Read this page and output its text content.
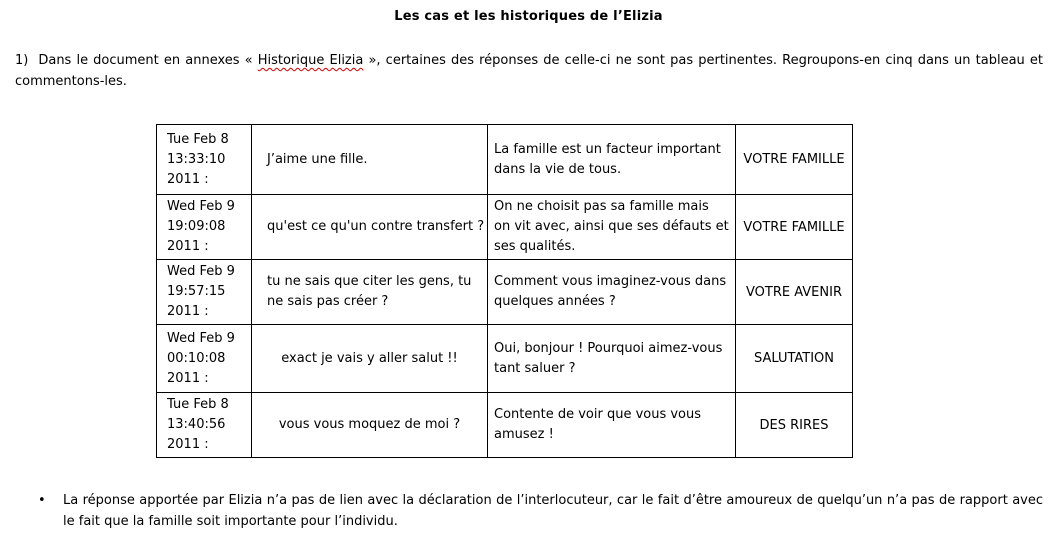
Les cas et les historiques de l’Elizia
1) Dans le document en annexes « Historique Elizia », certaines des réponses de celle-ci ne sont pas pertinentes. Regroupons-en cinq dans un tableau et commentons-les.
Tue Feb 8
13:33:10
2011 :	J’aime une fille.	La famille est un facteur important dans la vie de tous.	VOTRE FAMILLE

Wed Feb 9
19:09:08
2011 :	qu'est ce qu'un contre transfert ?	On ne choisit pas sa famille mais on vit avec, ainsi que ses défauts et ses qualités.	VOTRE FAMILLE

Wed Feb 9
19:57:15
2011 :	tu ne sais que citer les gens, tu ne sais pas créer ?	Comment vous imaginez-vous dans quelques années ?	VOTRE AVENIR

Wed Feb 9
00:10:08
2011 :	exact je vais y aller salut !!	Oui, bonjour ! Pourquoi aimez-vous tant saluer ?	SALUTATION

Tue Feb 8
13:40:56
2011 :	vous vous moquez de moi ?	Contente de voir que vous vous amusez !	DES RIRES
• La réponse apportée par Elizia n’a pas de lien avec la déclaration de l’interlocuteur, car le fait d’être amoureux de quelqu’un n’a pas de rapport avec le fait que la famille soit importante pour l’individu.
